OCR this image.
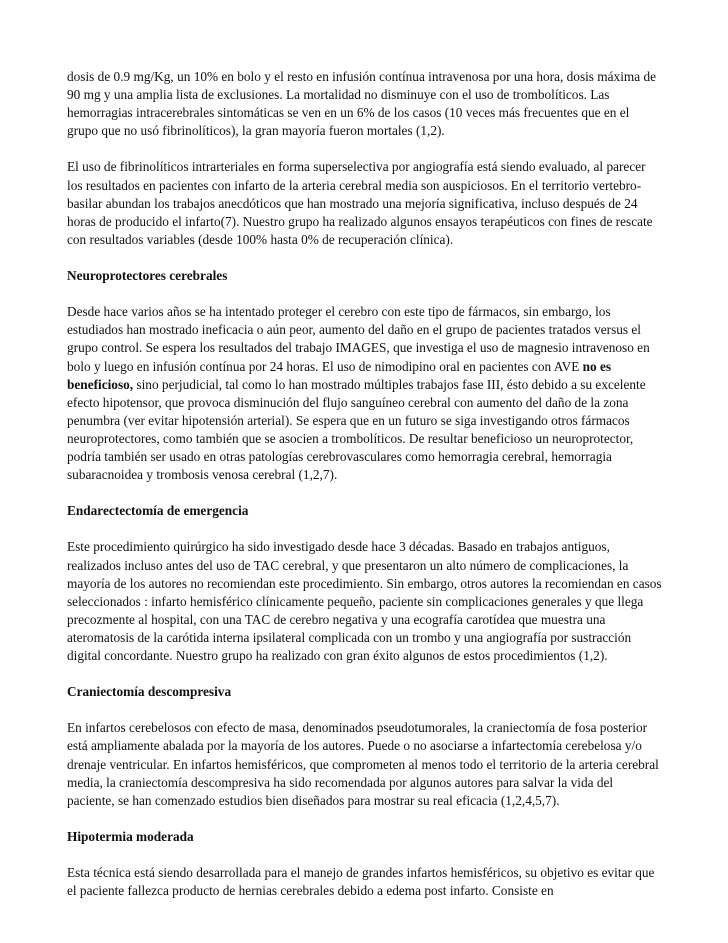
dosis de 0.9 mg/Kg, un 10% en bolo y el resto en infusión contínua intravenosa por una hora, dosis máxima de 90 mg y una amplia lista de exclusiones. La mortalidad no disminuye con el uso de trombolíticos. Las hemorragias intracerebrales sintomáticas se ven en un 6% de los casos (10 veces más frecuentes que en el grupo que no usó fibrinolíticos), la gran mayoría fueron mortales (1,2).

El uso de fibrinolíticos intrarteriales en forma superselectiva por angiografía está siendo evaluado, al parecer los resultados en pacientes con infarto de la arteria cerebral media son auspiciosos. En el territorio vertebro-basilar abundan los trabajos anecdóticos que han mostrado una mejoría significativa, incluso después de 24 horas de producido el infarto(7). Nuestro grupo ha realizado algunos ensayos terapéuticos con fines de rescate con resultados variables (desde 100% hasta 0% de recuperación clínica).

Neuroprotectores cerebrales

Desde hace varios años se ha intentado proteger el cerebro con este tipo de fármacos, sin embargo, los estudiados han mostrado ineficacia o aún peor, aumento del daño en el grupo de pacientes tratados versus el grupo control. Se espera los resultados del trabajo IMAGES, que investiga el uso de magnesio intravenoso en bolo y luego en infusión contínua por 24 horas. El uso de nimodipino oral en pacientes con AVE no es beneficioso, sino perjudicial, tal como lo han mostrado múltiples trabajos fase III, ésto debido a su excelente efecto hipotensor, que provoca disminución del flujo sanguíneo cerebral con aumento del daño de la zona penumbra (ver evitar hipotensión arterial). Se espera que en un futuro se siga investigando otros fármacos neuroprotectores, como también que se asocien a trombolíticos. De resultar beneficioso un neuroprotector, podría también ser usado en otras patologías cerebrovasculares como hemorragia cerebral, hemorragia subaracnoidea y trombosis venosa cerebral (1,2,7).

Endarectectomía de emergencia

Este procedimiento quirúrgico ha sido investigado desde hace 3 décadas. Basado en trabajos antiguos, realizados incluso antes del uso de TAC cerebral, y que presentaron un alto número de complicaciones, la mayoría de los autores no recomiendan este procedimiento. Sin embargo, otros autores la recomiendan en casos seleccionados : infarto hemisférico clínicamente pequeño, paciente sin complicaciones generales y que llega precozmente al hospital, con una TAC de cerebro negativa y una ecografía carotídea que muestra una ateromatosis de la carótida interna ipsilateral complicada con un trombo y una angiografía por sustracción digital concordante. Nuestro grupo ha realizado con gran éxito algunos de estos procedimientos (1,2).

Craniectomía descompresiva

En infartos cerebelosos con efecto de masa, denominados pseudotumorales, la craniectomía de fosa posterior está ampliamente abalada por la mayoría de los autores. Puede o no asociarse a infartectomía cerebelosa y/o drenaje ventricular. En infartos hemisféricos, que comprometen al menos todo el territorio de la arteria cerebral media, la craniectomía descompresiva ha sido recomendada por algunos autores para salvar la vida del paciente, se han comenzado estudios bien diseñados para mostrar su real eficacia (1,2,4,5,7).

Hipotermia moderada

Esta técnica está siendo desarrollada para el manejo de grandes infartos hemisféricos, su objetivo es evitar que el paciente fallezca producto de hernias cerebrales debido a edema post infarto. Consiste en
